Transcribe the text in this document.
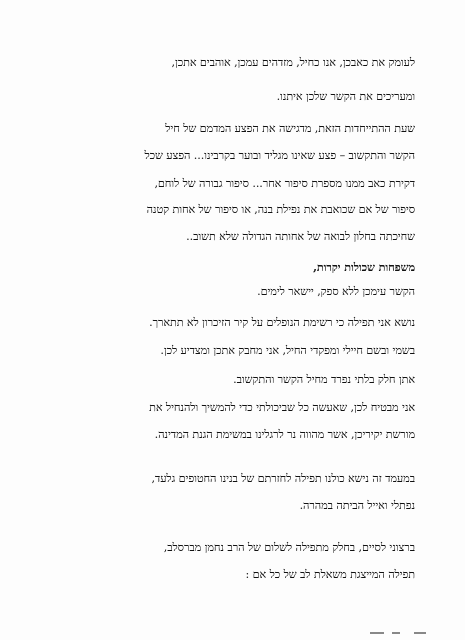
לעומק את כאבכן, אנו כחיל, מזדהים עמכן, אוהבים אתכן,
ומעריכים את הקשר שלכן איתנו.
שעת ההתייחדות הזאת, מדגישה את הפצע המדמם של חיל
הקשר והתקשוב – פצע שאינו מגליד ובוער בקרבינו... הפצע שכל
דקירת כאב ממנו מספרת סיפור אחר... סיפור גבורה של לוחם,
סיפור של אם שכואבת את נפילת בנה, או סיפור של אחות קטנה
שחיכתה בחלון לבואה של אחותה הגדולה שלא תשוב..
משפחות שכולות יקרות,
הקשר עימכן ללא ספק, יישאר לימים.
נושא אני תפילה כי רשימת הנופלים על קיר הזיכרון לא תתארך.
בשמי ובשם חיילי ומפקדי החיל, אני מחבק אתכן ומצדיע לכן.
אתן חלק בלתי נפרד מחיל הקשר והתקשוב.
אני מבטיח לכן, שאעשה כל שביכולתי כדי להמשיך ולהנחיל את
מורשת יקיריכן, אשר מהווה נר לרגלינו במשימת הגנת המדינה.
במעמד זה נישא כולנו תפילה לחזרתם של בנינו החטופים גלעד,
נפתלי ואייל הביתה במהרה.
ברצוני לסיים, בחלק מתפילה לשלום של הרב נחמן מברסלב,
תפילה המייצגת משאלת לב של כל אם :
